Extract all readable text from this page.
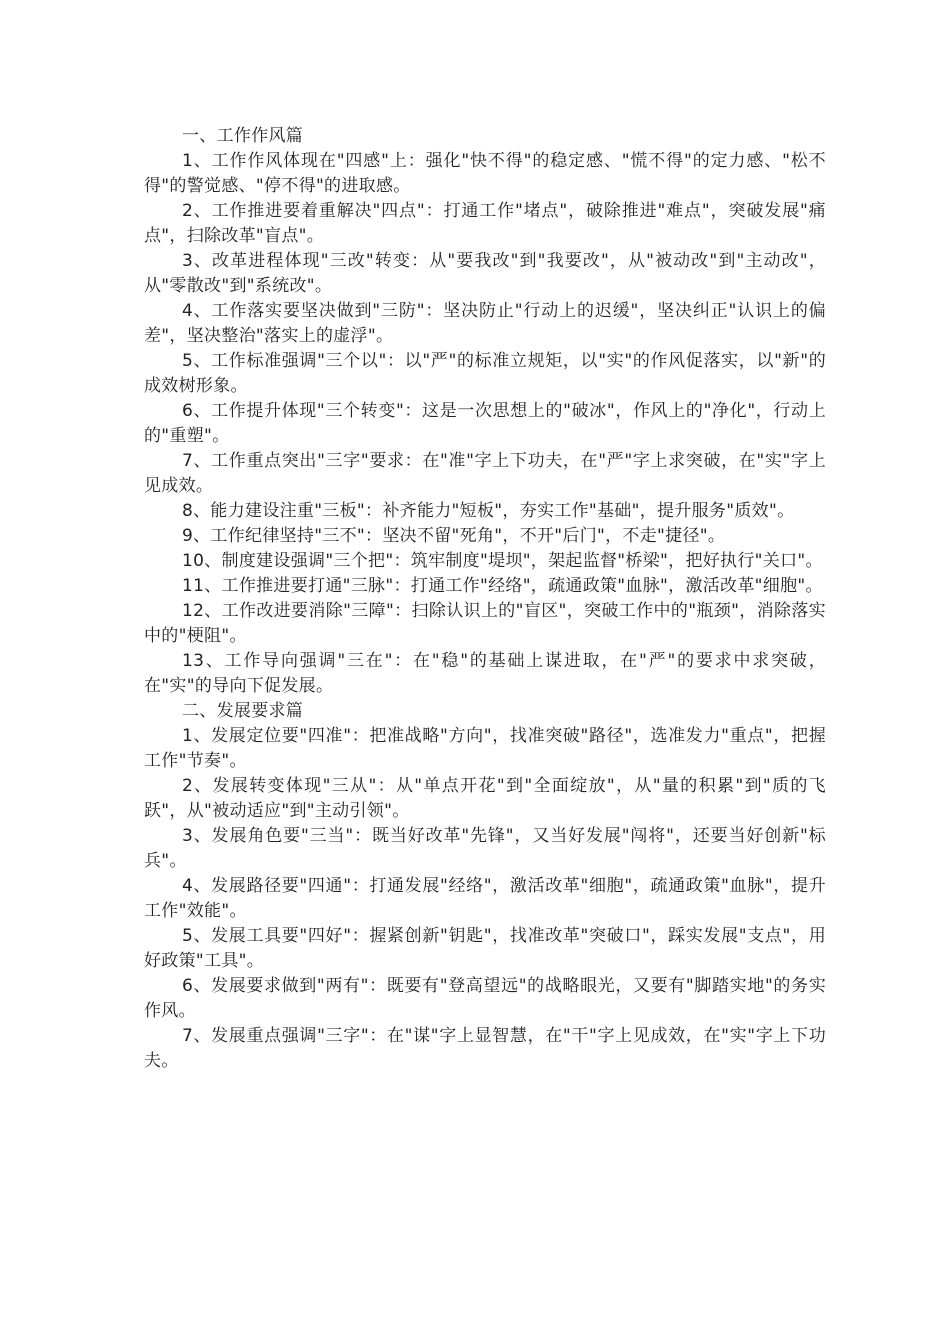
一、工作作风篇

1、工作作风体现在"四感"上：强化"快不得"的稳定感、"慌不得"的定力感、"松不得"的警觉感、"停不得"的进取感。

2、工作推进要着重解决"四点"：打通工作"堵点"，破除推进"难点"，突破发展"痛点"，扫除改革"盲点"。

3、改革进程体现"三改"转变：从"要我改"到"我要改"，从"被动改"到"主动改"，从"零散改"到"系统改"。

4、工作落实要坚决做到"三防"：坚决防止"行动上的迟缓"，坚决纠正"认识上的偏差"，坚决整治"落实上的虚浮"。

5、工作标准强调"三个以"：以"严"的标准立规矩，以"实"的作风促落实，以"新"的成效树形象。

6、工作提升体现"三个转变"：这是一次思想上的"破冰"，作风上的"净化"，行动上的"重塑"。

7、工作重点突出"三字"要求：在"准"字上下功夫，在"严"字上求突破，在"实"字上见成效。

8、能力建设注重"三板"：补齐能力"短板"，夯实工作"基础"，提升服务"质效"。

9、工作纪律坚持"三不"：坚决不留"死角"，不开"后门"，不走"捷径"。

10、制度建设强调"三个把"：筑牢制度"堤坝"，架起监督"桥梁"，把好执行"关口"。

11、工作推进要打通"三脉"：打通工作"经络"，疏通政策"血脉"，激活改革"细胞"。

12、工作改进要消除"三障"：扫除认识上的"盲区"，突破工作中的"瓶颈"，消除落实中的"梗阻"。

13、工作导向强调"三在"：在"稳"的基础上谋进取，在"严"的要求中求突破，在"实"的导向下促发展。

二、发展要求篇

1、发展定位要"四准"：把准战略"方向"，找准突破"路径"，选准发力"重点"，把握工作"节奏"。

2、发展转变体现"三从"：从"单点开花"到"全面绽放"，从"量的积累"到"质的飞跃"，从"被动适应"到"主动引领"。

3、发展角色要"三当"：既当好改革"先锋"，又当好发展"闯将"，还要当好创新"标兵"。

4、发展路径要"四通"：打通发展"经络"，激活改革"细胞"，疏通政策"血脉"，提升工作"效能"。

5、发展工具要"四好"：握紧创新"钥匙"，找准改革"突破口"，踩实发展"支点"，用好政策"工具"。

6、发展要求做到"两有"：既要有"登高望远"的战略眼光，又要有"脚踏实地"的务实作风。

7、发展重点强调"三字"：在"谋"字上显智慧，在"干"字上见成效，在"实"字上下功夫。
